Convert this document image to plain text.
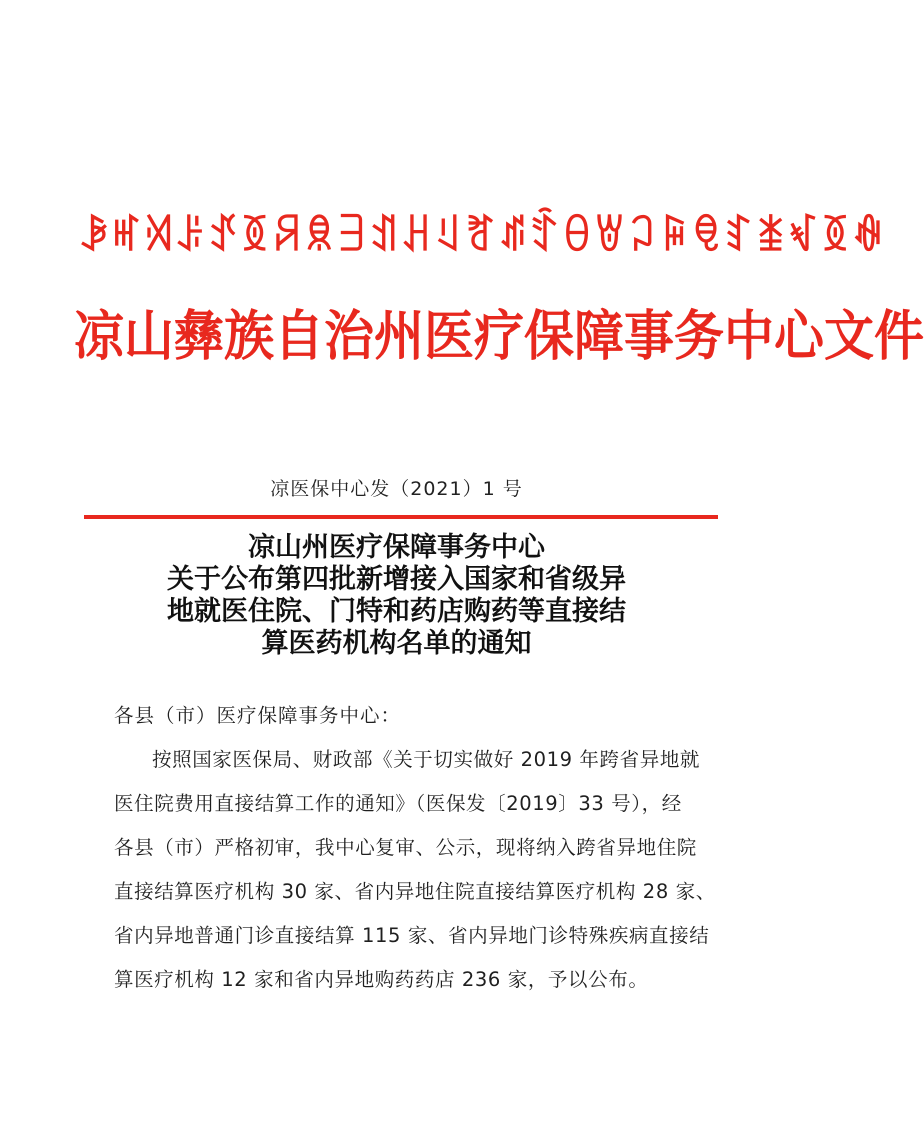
ꆃꎭꄉꌠꀋꅉꋪꌋꎆꀊꃅꆹꐛꁮꄷꆪꇐꃀꋦꋠꆏꁧꃴꅉꊿ
凉山彝族自治州医疗保障事务中心文件
凉医保中心发（2021）1 号
凉山州医疗保障事务中心
关于公布第四批新增接入国家和省级异
地就医住院、门特和药店购药等直接结
算医药机构名单的通知
各县（市）医疗保障事务中心：
按照国家医保局、财政部《关于切实做好 2019 年跨省异地就
医住院费用直接结算工作的通知》（医保发〔2019〕33 号），经
各县（市）严格初审，我中心复审、公示，现将纳入跨省异地住院
直接结算医疗机构 30 家、省内异地住院直接结算医疗机构 28 家、
省内异地普通门诊直接结算 115 家、省内异地门诊特殊疾病直接结
算医疗机构 12 家和省内异地购药药店 236 家，予以公布。
